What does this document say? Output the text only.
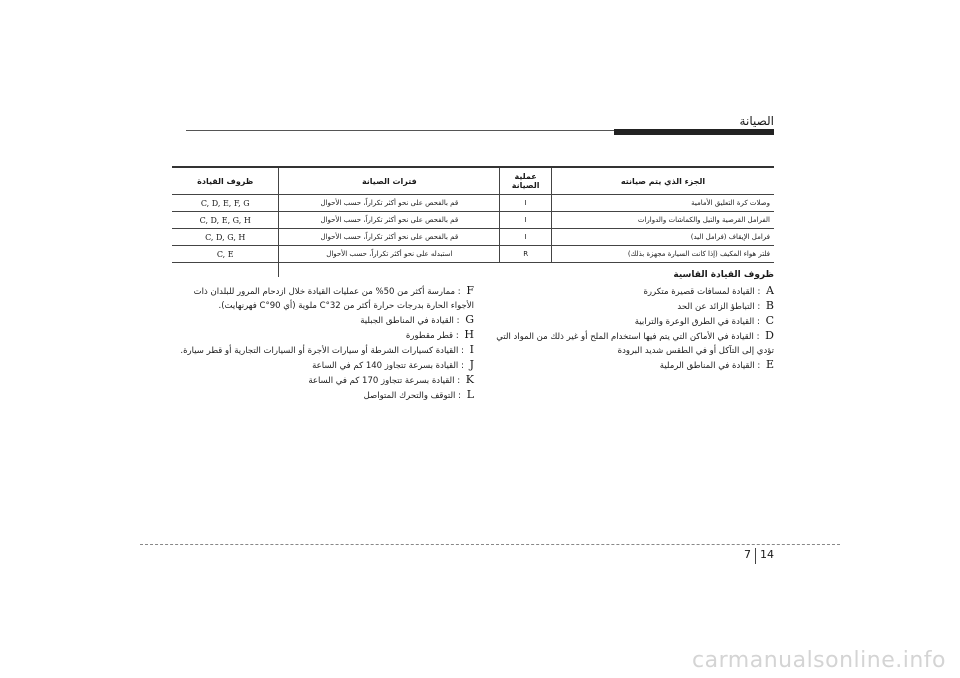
الصيانة
الجزء الذي يتم صيانته	عملية الصيانة	فترات الصيانة	ظروف القيادة
وصلات كرة التعليق الأمامية	I	قم بالفحص على نحو أكثر تكراراً، حسب الأحوال	C, D, E, F, G
الفرامل القرصية والتيل والكماشات والدوارات	I	قم بالفحص على نحو أكثر تكراراً، حسب الأحوال	C, D, E, G, H
فرامل الإيقاف (فرامل اليد)	I	قم بالفحص على نحو أكثر تكراراً، حسب الأحوال	C, D, G, H
فلتر هواء المكيف (إذا كانت السيارة مجهزة بذلك)	R	استبدله على نحو أكثر تكراراً، حسب الأحوال	C, E
ظروف القيادة القاسية
A : القيادة لمسافات قصيرة متكررة
B : التباطؤ الزائد عن الحد
C : القيادة في الطرق الوعرة والترابية
D : القيادة في الأماكن التي يتم فيها استخدام الملح أو غير ذلك من المواد التي تؤدي إلى التآكل أو في الطقس شديد البرودة
E : القيادة في المناطق الرملية
F : ممارسة أكثر من 50% من عمليات القيادة خلال ازدحام المرور للبلدان ذات الأجواء الحارة بدرجات حرارة أكثر من 32°C ملوية (أي 90°C فهرنهايت).
G : القيادة في المناطق الجبلية
H : قطر مقطورة
I : القيادة كسيارات الشرطة أو سيارات الأجرة أو السيارات التجارية أو قطر سيارة.
J : القيادة بسرعة تتجاوز 140 كم في الساعة
K : القيادة بسرعة تتجاوز 170 كم في الساعة
L : التوقف والتحرك المتواصل
7 14
carmanualsonline.info
